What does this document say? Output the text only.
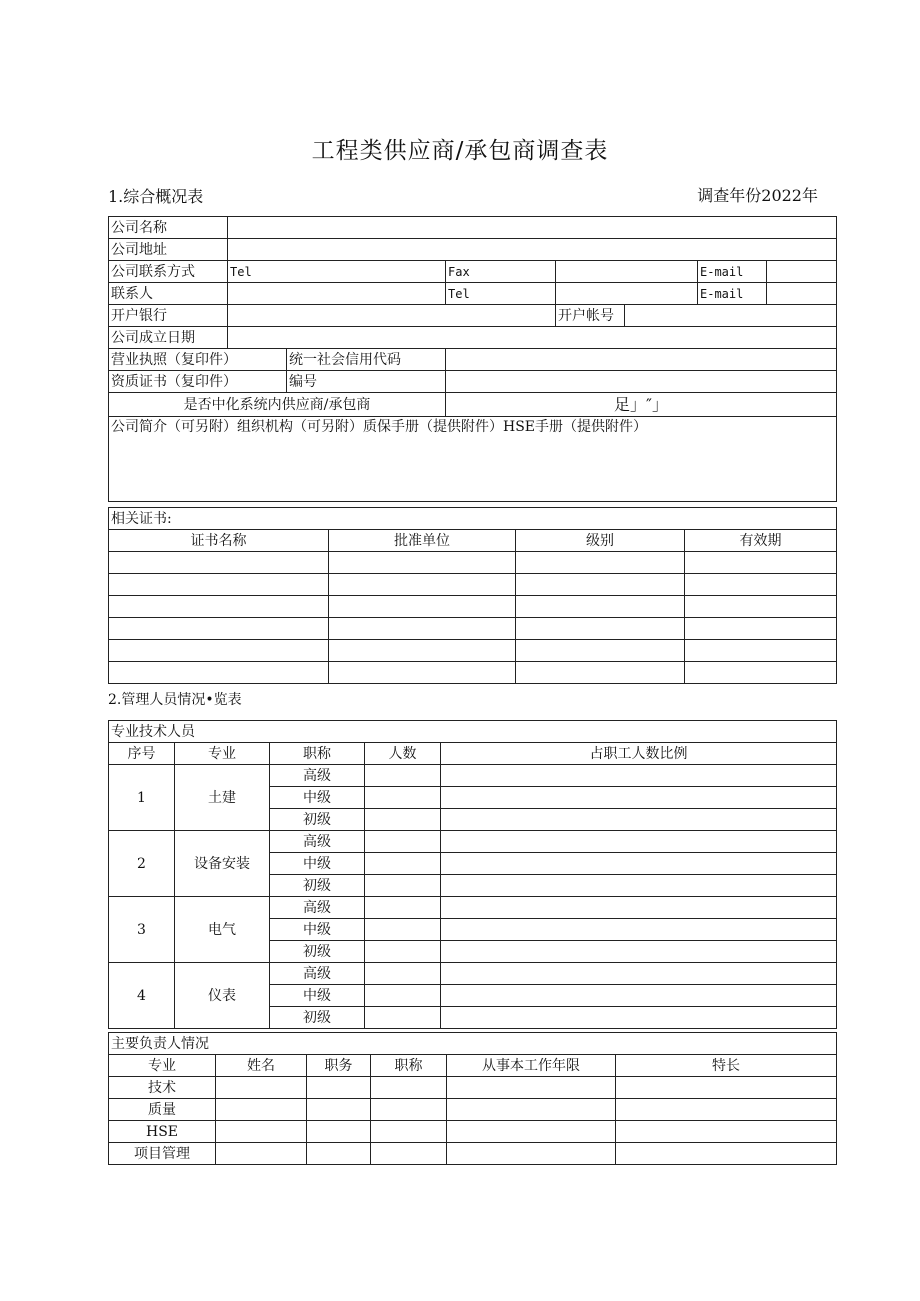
工程类供应商/承包商调查表
1.综合概况表	调查年份2022年
公司名称							
公司地址							
公司联系方式	Tel		Fax			E-mail	
联系人			Tel			E-mail	
开户银行				开户帐号			
公司成立日期							
营业执照（复印件）		统一社会信用代码					
资质证书（复印件）		编号					
是否中化系统内供应商/承包商			足」″」				

公司简介（可另附）组织机构（可另附）质保手册（提供附件）HSE手册（提供附件）							
相关证书:			
证书名称	批准单位	级别	有效期

2.管理人员情况•览表
专业技术人员				
序号	专业	职称	人数	占职工人数比例
1	土建	高级		
		中级		
		初级		
2	设备安装	高级		
		中级		
		初级		
3	电气	高级		
		中级		
		初级		
4	仪表	高级		
		中级		
		初级		
主要负责人情况					
专业	姓名	职务	职称	从事本工作年限	特长
技术					
质量					
HSE					
项目管理					
